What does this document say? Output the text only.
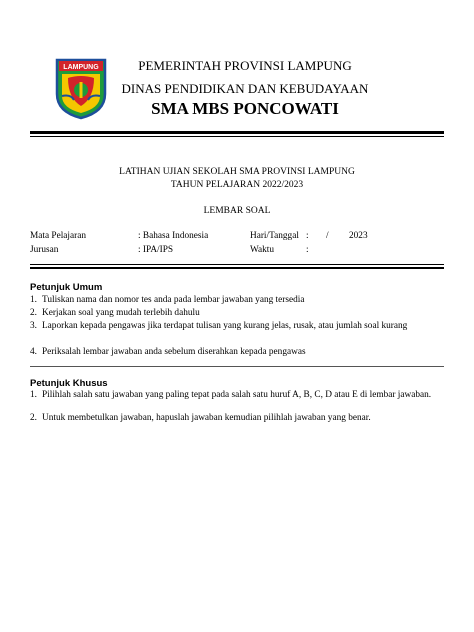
LAMPUNG	PEMERINTAH PROVINSI LAMPUNG
DINAS PENDIDIKAN DAN KEBUDAYAAN
SMA MBS PONCOWATI
LATIHAN UJIAN SEKOLAH SMA PROVINSI LAMPUNG
TAHUN PELAJARAN 2022/2023
LEMBAR SOAL
Mata Pelajaran	: Bahasa Indonesia	Hari/Tanggal : / 2023
Jurusan	: IPA/IPS	Waktu	:
Petunjuk Umum
1. Tuliskan nama dan nomor tes anda pada lembar jawaban yang tersedia
2. Kerjakan soal yang mudah terlebih dahulu
3. Laporkan kepada pengawas jika terdapat tulisan yang kurang jelas, rusak, atau jumlah soal kurang
4. Periksalah lembar jawaban anda sebelum diserahkan kepada pengawas
Petunjuk Khusus
1. Pilihlah salah satu jawaban yang paling tepat pada salah satu huruf A, B, C, D atau E di lembar jawaban.
2. Untuk membetulkan jawaban, hapuslah jawaban kemudian pilihlah jawaban yang benar.
